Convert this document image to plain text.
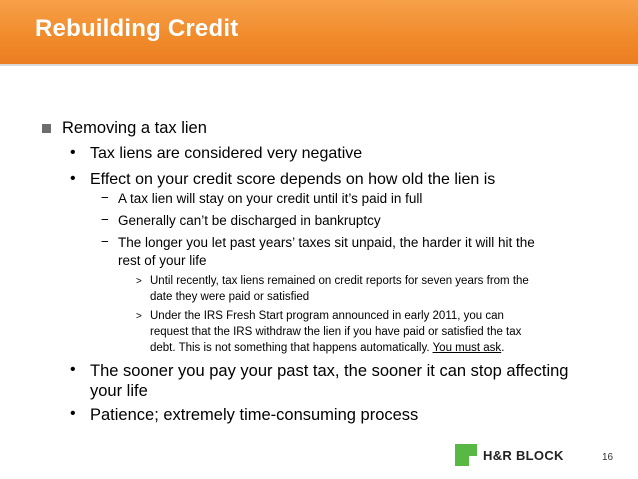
Rebuilding Credit
Removing a tax lien
• Tax liens are considered very negative
• Effect on your credit score depends on how old the lien is
− A tax lien will stay on your credit until it’s paid in full
− Generally can’t be discharged in bankruptcy
− The longer you let past years’ taxes sit unpaid, the harder it will hit the
rest of your life
> Until recently, tax liens remained on credit reports for seven years from the
date they were paid or satisfied
> Under the IRS Fresh Start program announced in early 2011, you can
request that the IRS withdraw the lien if you have paid or satisfied the tax
debt. This is not something that happens automatically. You must ask.
• The sooner you pay your past tax, the sooner it can stop affecting
your life
• Patience; extremely time-consuming process
H&R BLOCK	16
